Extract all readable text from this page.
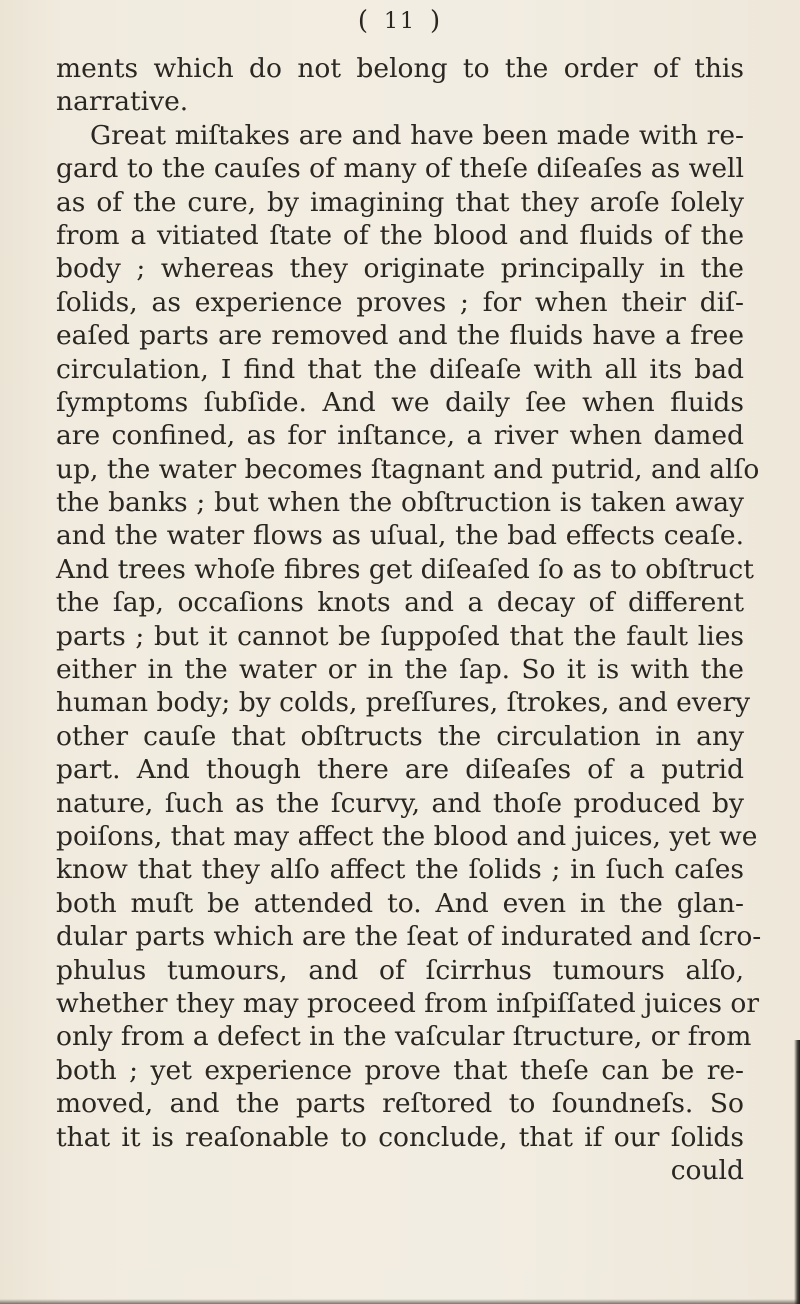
( 11 )
ments which do not belong to the order of this
narrative.
Great miſtakes are and have been made with re-
gard to the cauſes of many of theſe diſeaſes as well
as of the cure, by imagining that they aroſe ſolely
from a vitiated ſtate of the blood and fluids of the
body ; whereas they originate principally in the
ſolids, as experience proves ; for when their diſ-
eaſed parts are removed and the fluids have a free
circulation, I find that the diſeaſe with all its bad
ſymptoms ſubſide. And we daily ſee when fluids
are confined, as for inſtance, a river when damed
up, the water becomes ſtagnant and putrid, and alſo
the banks ; but when the obſtruction is taken away
and the water flows as uſual, the bad effects ceaſe.
And trees whoſe fibres get diſeaſed ſo as to obſtruct
the ſap, occaſions knots and a decay of different
parts ; but it cannot be ſuppoſed that the fault lies
either in the water or in the ſap. So it is with the
human body; by colds, preſſures, ſtrokes, and every
other cauſe that obſtructs the circulation in any
part. And though there are diſeaſes of a putrid
nature, ſuch as the ſcurvy, and thoſe produced by
poiſons, that may affect the blood and juices, yet we
know that they alſo affect the ſolids ; in ſuch caſes
both muſt be attended to. And even in the glan-
dular parts which are the ſeat of indurated and ſcro-
phulus tumours, and of ſcirrhus tumours alſo,
whether they may proceed from inſpiſſated juices or
only from a defect in the vaſcular ſtructure, or from
both ; yet experience prove that theſe can be re-
moved, and the parts reſtored to ſoundneſs. So
that it is reaſonable to conclude, that if our ſolids
could
